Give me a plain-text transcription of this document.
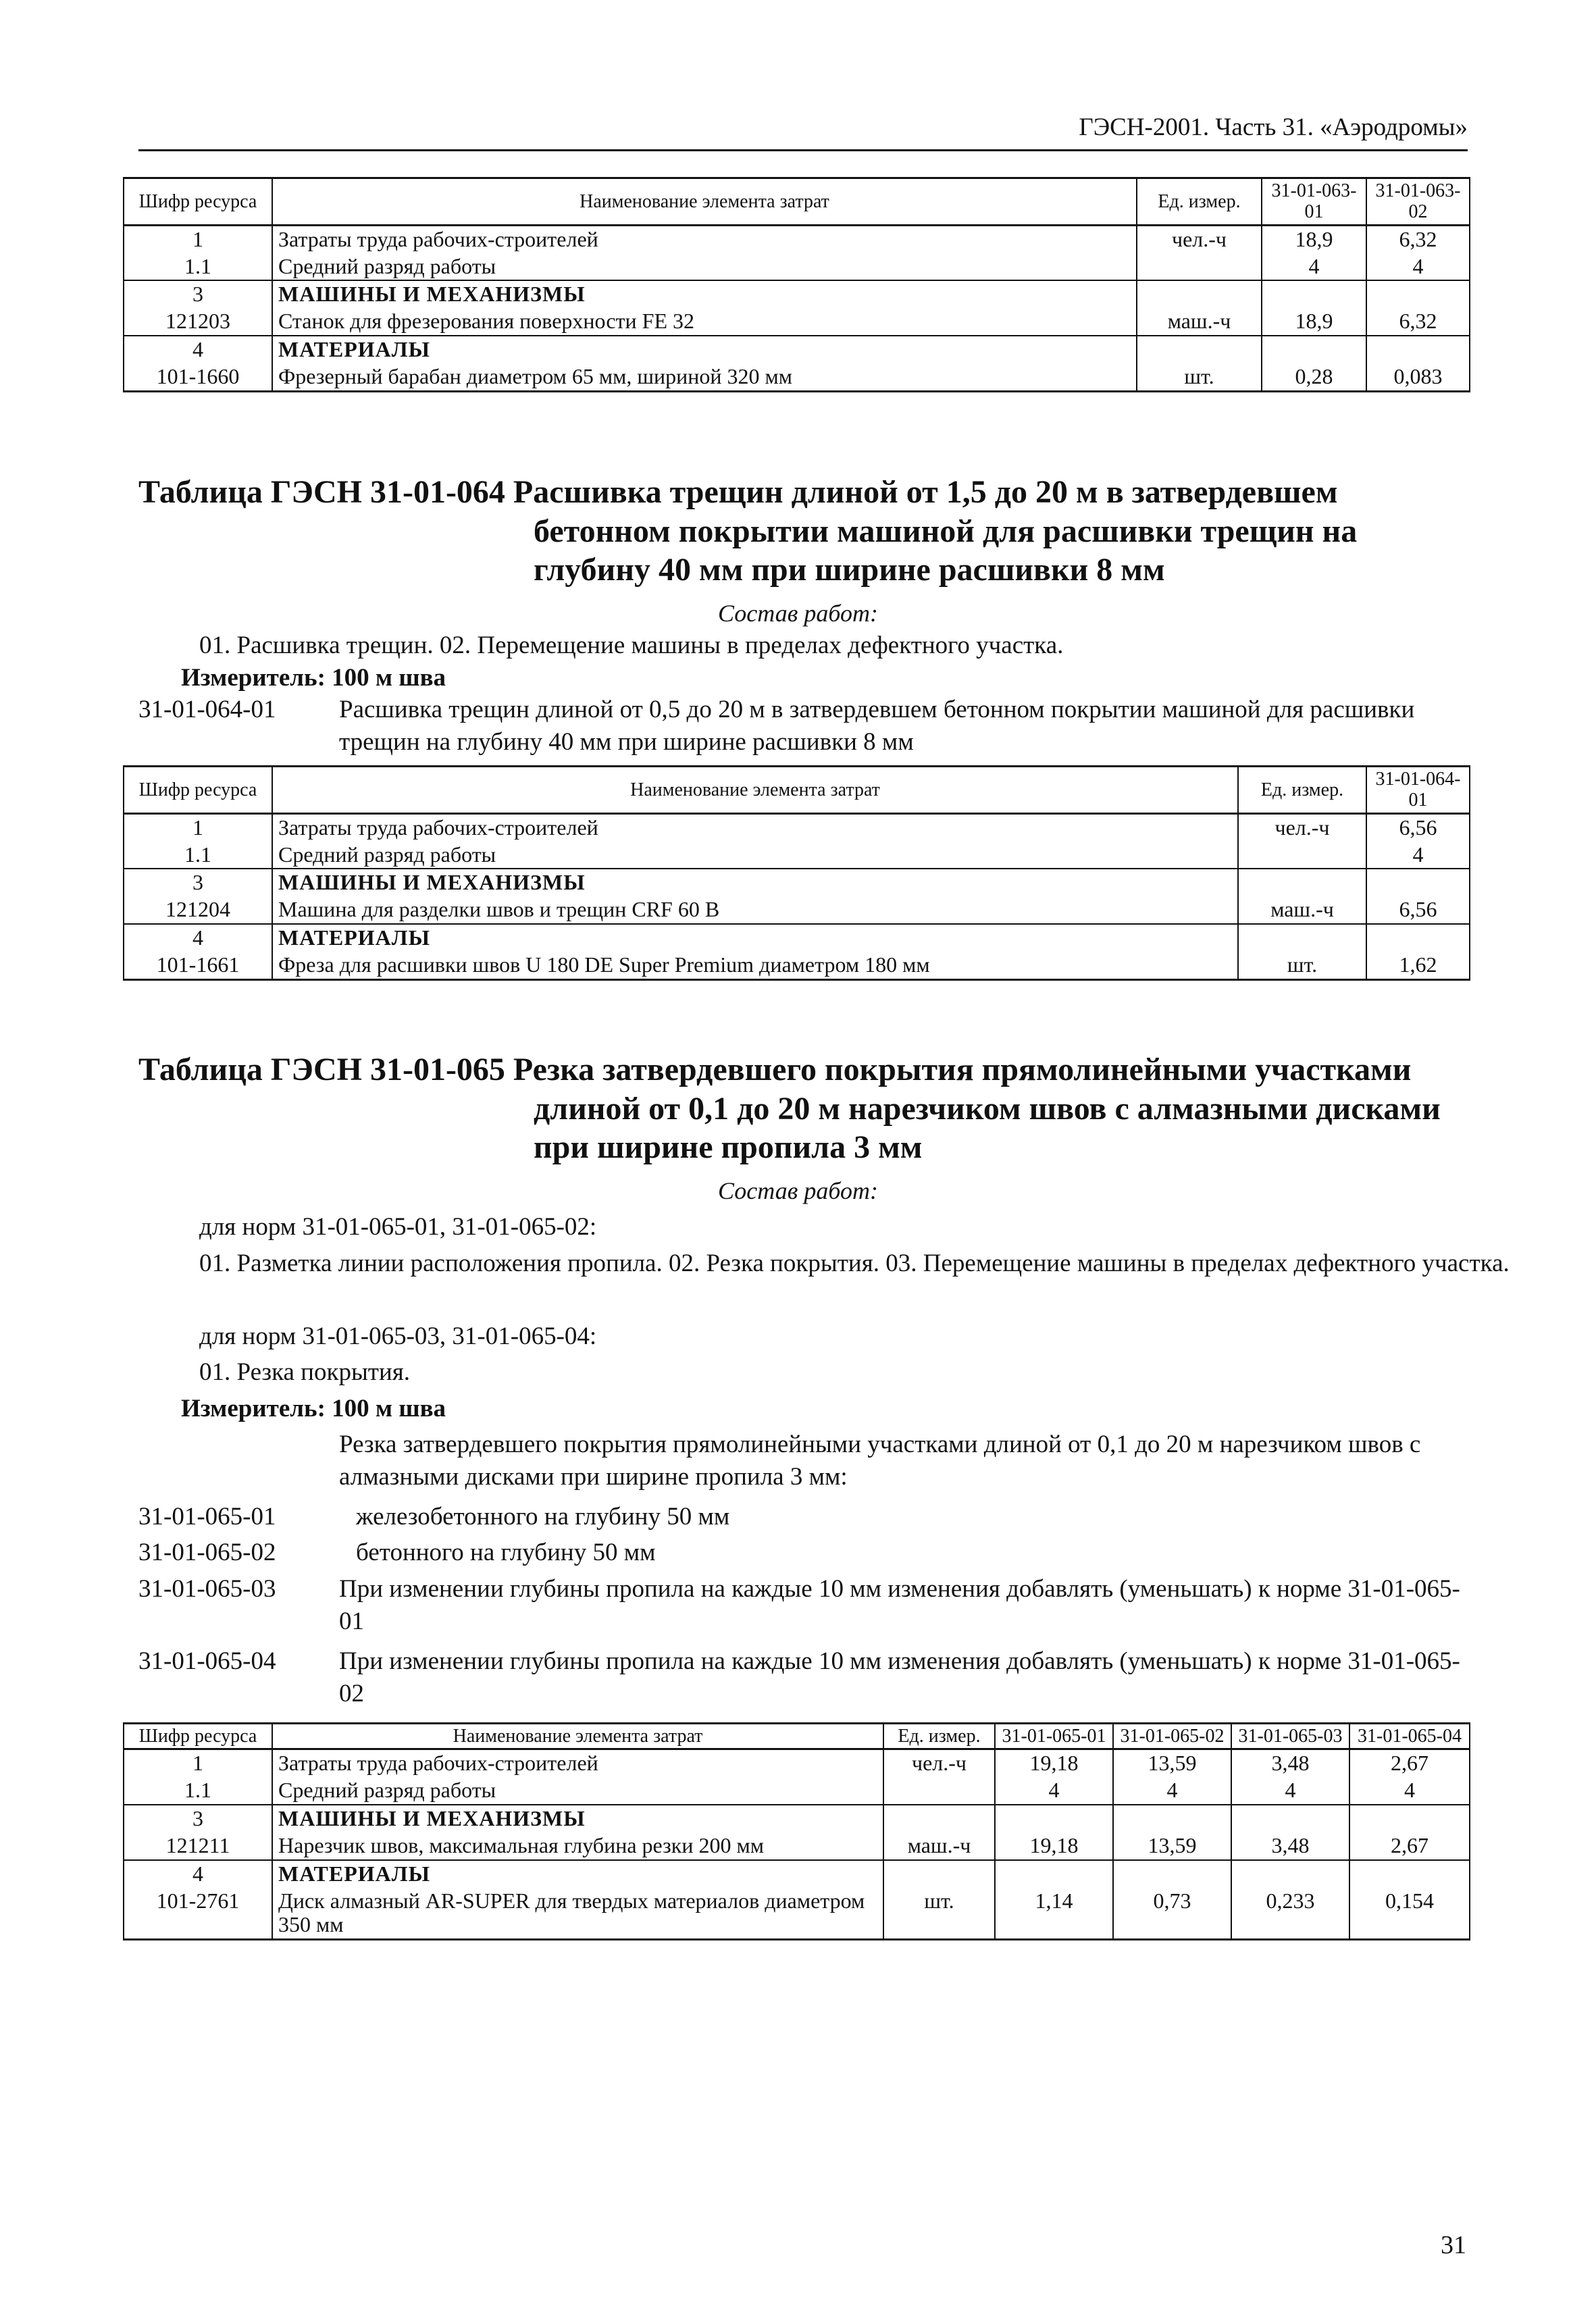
ГЭСН-2001. Часть 31. «Аэродромы»
Шифр ресурса	Наименование элемента затрат	Ед. измер.	31-01-063-01	31-01-063-02
1	Затраты труда рабочих-строителей	чел.-ч	18,9	6,32
1.1	Средний разряд работы		4	4
3	МАШИНЫ И МЕХАНИЗМЫ			
121203	Станок для фрезерования поверхности FE 32	маш.-ч	18,9	6,32
4	МАТЕРИАЛЫ			
101-1660	Фрезерный барабан диаметром 65 мм, шириной 320 мм	шт.	0,28	0,083
Таблица ГЭСН 31-01-064 Расшивка трещин длиной от 1,5 до 20 м в затвердевшем
бетонном покрытии машиной для расшивки трещин на
глубину 40 мм при ширине расшивки 8 мм
Состав работ:
01. Расшивка трещин. 02. Перемещение машины в пределах дефектного участка.
Измеритель: 100 м шва
31-01-064-01	Расшивка трещин длиной от 0,5 до 20 м в затвердевшем бетонном покрытии машиной для расшивки трещин на глубину 40 мм при ширине расшивки 8 мм
Шифр ресурса	Наименование элемента затрат	Ед. измер.	31-01-064-01
1	Затраты труда рабочих-строителей	чел.-ч	6,56
1.1	Средний разряд работы		4
3	МАШИНЫ И МЕХАНИЗМЫ		
121204	Машина для разделки швов и трещин CRF 60 B	маш.-ч	6,56
4	МАТЕРИАЛЫ		
101-1661	Фреза для расшивки швов U 180 DE Super Premium диаметром 180 мм	шт.	1,62
Таблица ГЭСН 31-01-065 Резка затвердевшего покрытия прямолинейными участками
длиной от 0,1 до 20 м нарезчиком швов с алмазными дисками
при ширине пропила 3 мм
Состав работ:
для норм 31-01-065-01, 31-01-065-02:
01. Разметка линии расположения пропила. 02. Резка покрытия. 03. Перемещение машины в пределах дефектного участка.
для норм 31-01-065-03, 31-01-065-04:
01. Резка покрытия.
Измеритель: 100 м шва
Резка затвердевшего покрытия прямолинейными участками длиной от 0,1 до 20 м нарезчиком швов с алмазными дисками при ширине пропила 3 мм:
31-01-065-01	железобетонного на глубину 50 мм
31-01-065-02	бетонного на глубину 50 мм
31-01-065-03	При изменении глубины пропила на каждые 10 мм изменения добавлять (уменьшать) к норме 31-01-065-01
31-01-065-04	При изменении глубины пропила на каждые 10 мм изменения добавлять (уменьшать) к норме 31-01-065-02
Шифр ресурса	Наименование элемента затрат	Ед. измер.	31-01-065-01	31-01-065-02	31-01-065-03	31-01-065-04
1	Затраты труда рабочих-строителей	чел.-ч	19,18	13,59	3,48	2,67
1.1	Средний разряд работы		4	4	4	4
3	МАШИНЫ И МЕХАНИЗМЫ					
121211	Нарезчик швов, максимальная глубина резки 200 мм	маш.-ч	19,18	13,59	3,48	2,67
4	МАТЕРИАЛЫ					
101-2761	Диск алмазный AR-SUPER для твердых материалов диаметром 350 мм	шт.	1,14	0,73	0,233	0,154
31
